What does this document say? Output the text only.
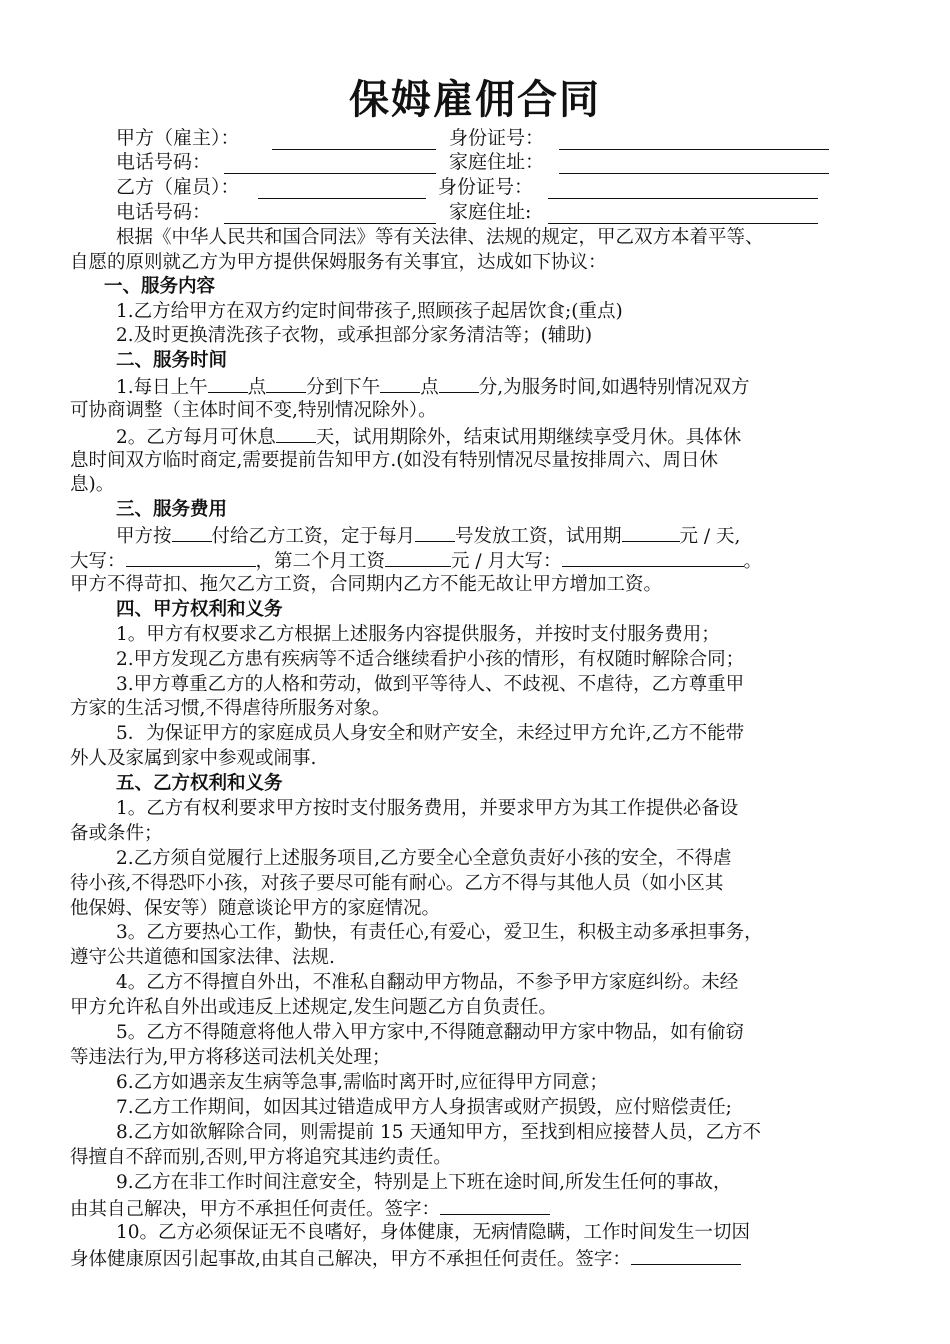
保姆雇佣合同
甲方（雇主）：	身份证号：
电话号码：	家庭住址：
乙方（雇员）：	身份证号：
电话号码：	家庭住址:
根据《中华人民共和国合同法》等有关法律、法规的规定，甲乙双方本着平等、
自愿的原则就乙方为甲方提供保姆服务有关事宜，达成如下协议：
一、服务内容
1.乙方给甲方在双方约定时间带孩子,照顾孩子起居饮食;(重点)
2.及时更换清洗孩子衣物，或承担部分家务清洁等；(辅助)
二、服务时间
1.每日上午 点 分到下午 点 分,为服务时间,如遇特别情况双方
可协商调整（主体时间不变,特别情况除外）。
2。乙方每月可休息 天，试用期除外，结束试用期继续享受月休。具体休
息时间双方临时商定,需要提前告知甲方.(如没有特别情况尽量按排周六、周日休
息)。
三、服务费用
甲方按 付给乙方工资，定于每月 号发放工资，试用期	元 / 天,
大写：	，第二个月工资	元 / 月大写：	。
甲方不得苛扣、拖欠乙方工资，合同期内乙方不能无故让甲方增加工资。
四、甲方权利和义务
1。甲方有权要求乙方根据上述服务内容提供服务，并按时支付服务费用；
2.甲方发现乙方患有疾病等不适合继续看护小孩的情形，有权随时解除合同；
3.甲方尊重乙方的人格和劳动，做到平等待人、不歧视、不虐待，乙方尊重甲
方家的生活习惯,不得虐待所服务对象。
5．为保证甲方的家庭成员人身安全和财产安全，未经过甲方允许,乙方不能带
外人及家属到家中参观或闹事.
五、乙方权利和义务
1。乙方有权利要求甲方按时支付服务费用，并要求甲方为其工作提供必备设
备或条件；
2.乙方须自觉履行上述服务项目,乙方要全心全意负责好小孩的安全，不得虐
待小孩,不得恐吓小孩，对孩子要尽可能有耐心。乙方不得与其他人员（如小区其
他保姆、保安等）随意谈论甲方的家庭情况。
3。乙方要热心工作，勤快，有责任心,有爱心，爱卫生，积极主动多承担事务，
遵守公共道德和国家法律、法规.
4。乙方不得擅自外出，不准私自翻动甲方物品，不参予甲方家庭纠纷。未经
甲方允许私自外出或违反上述规定,发生问题乙方自负责任。
5。乙方不得随意将他人带入甲方家中,不得随意翻动甲方家中物品，如有偷窃
等违法行为,甲方将移送司法机关处理；
6.乙方如遇亲友生病等急事,需临时离开时,应征得甲方同意；
7.乙方工作期间，如因其过错造成甲方人身损害或财产损毁，应付赔偿责任;
8.乙方如欲解除合同，则需提前 15 天通知甲方，至找到相应接替人员，乙方不
得擅自不辞而别,否则,甲方将追究其违约责任。
9.乙方在非工作时间注意安全，特别是上下班在途时间,所发生任何的事故，
由其自己解决，甲方不承担任何责任。签字：
10。乙方必须保证无不良嗜好，身体健康，无病情隐瞒，工作时间发生一切因
身体健康原因引起事故,由其自己解决，甲方不承担任何责任。签字：
